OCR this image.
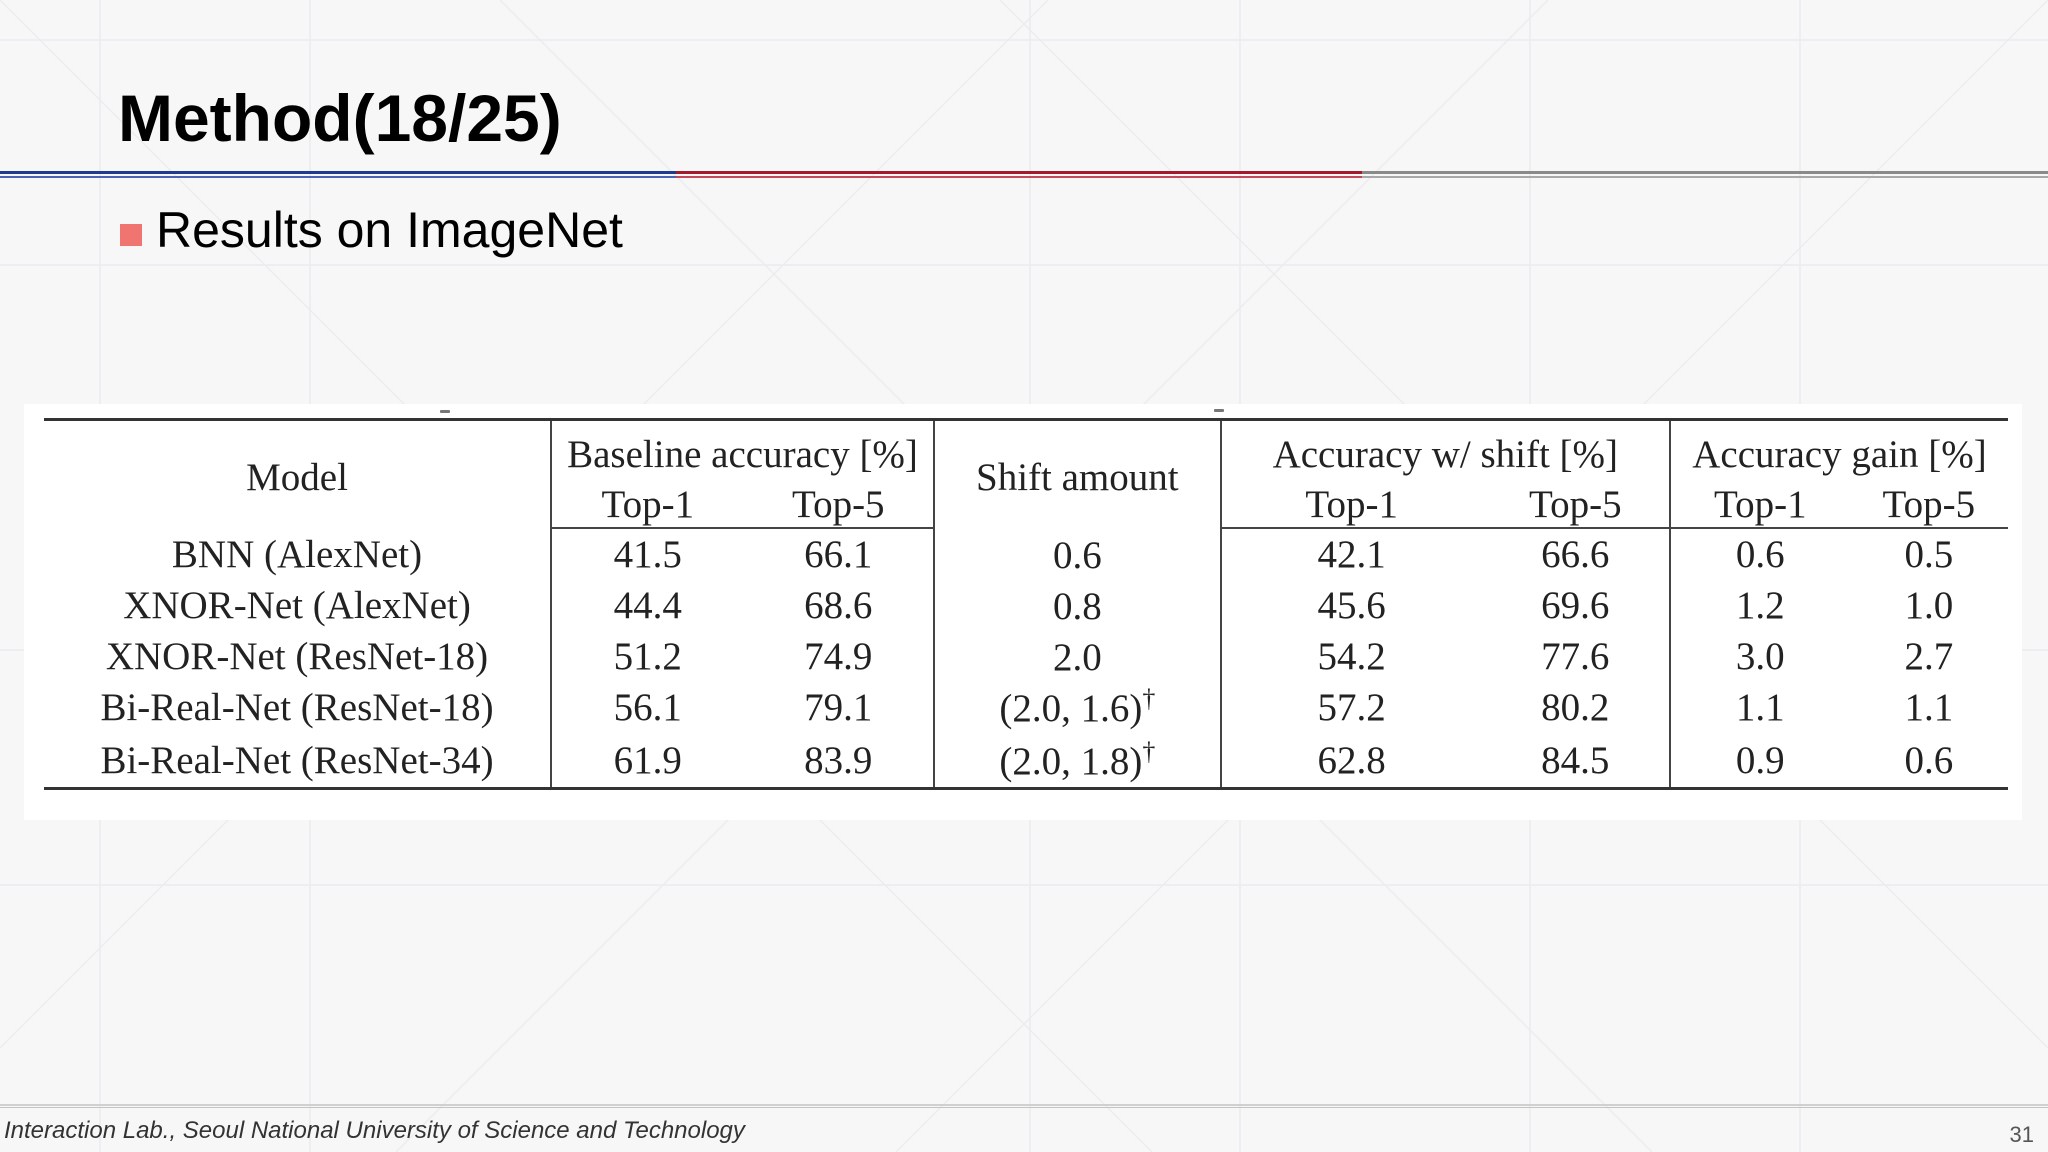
Method(18/25)
Results on ImageNet
Model	Baseline accuracy [%]		Shift amount	Accuracy w/ shift [%]		Accuracy gain [%]	
	Top-1	Top-5		Top-1	Top-5	Top-1	Top-5
BNN (AlexNet)	41.5	66.1	0.6	42.1	66.6	0.6	0.5
XNOR-Net (AlexNet)	44.4	68.6	0.8	45.6	69.6	1.2	1.0
XNOR-Net (ResNet-18)	51.2	74.9	2.0	54.2	77.6	3.0	2.7
Bi-Real-Net (ResNet-18)	56.1	79.1	(2.0, 1.6)†	57.2	80.2	1.1	1.1
Bi-Real-Net (ResNet-34)	61.9	83.9	(2.0, 1.8)†	62.8	84.5	0.9	0.6
Interaction Lab., Seoul National University of Science and Technology	31
